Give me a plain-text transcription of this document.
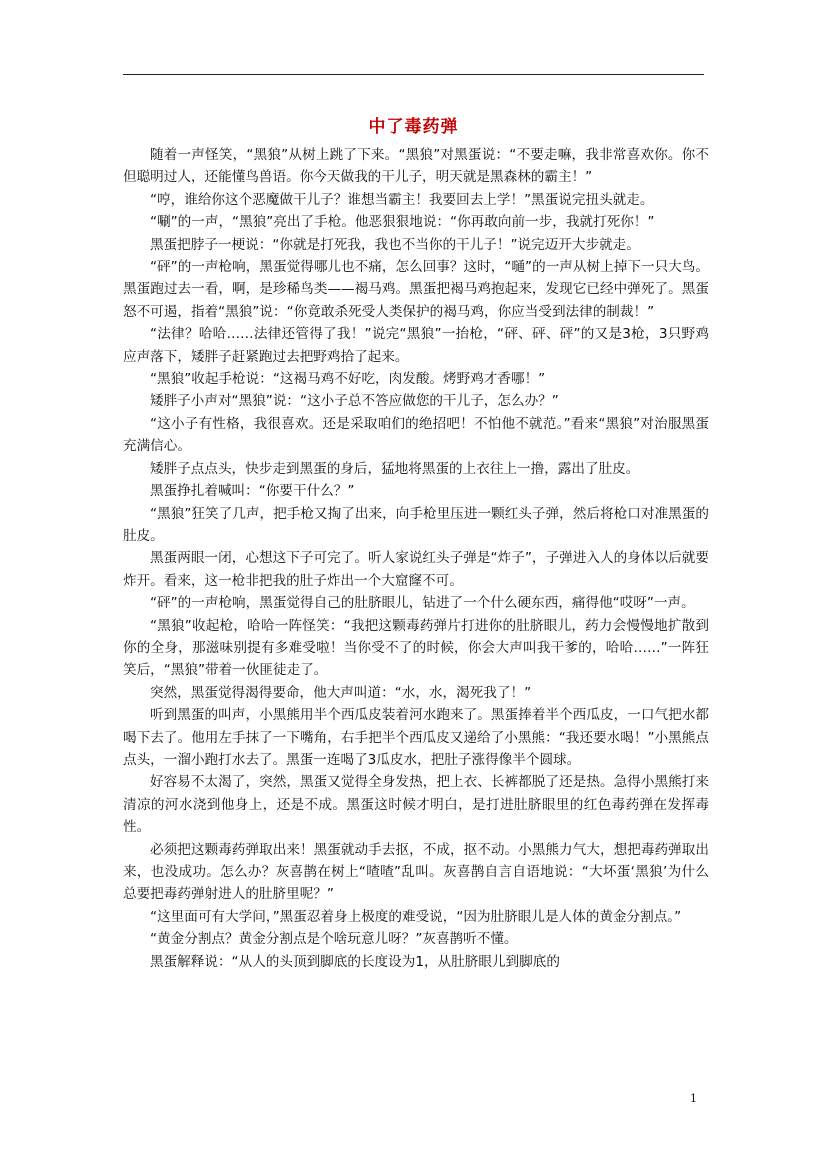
中了毒药弹

随着一声怪笑，“黑狼”从树上跳了下来。“黑狼”对黑蛋说：“不要走嘛，我非常喜欢你。你不但聪明过人，还能懂鸟兽语。你今天做我的干儿子，明天就是黑森林的霸主！”

“哼，谁给你这个恶魔做干儿子？谁想当霸主！我要回去上学！”黑蛋说完扭头就走。

“唰”的一声，“黑狼”亮出了手枪。他恶狠狠地说：“你再敢向前一步，我就打死你！”

黑蛋把脖子一梗说：“你就是打死我，我也不当你的干儿子！”说完迈开大步就走。

“砰”的一声枪响，黑蛋觉得哪儿也不痛，怎么回事？这时，“嗵”的一声从树上掉下一只大鸟。黑蛋跑过去一看，啊，是珍稀鸟类——褐马鸡。黑蛋把褐马鸡抱起来，发现它已经中弹死了。黑蛋怒不可遏，指着“黑狼”说：“你竟敢杀死受人类保护的褐马鸡，你应当受到法律的制裁！”

“法律？哈哈……法律还管得了我！”说完“黑狼”一抬枪，“砰、砰、砰”的又是3枪，3只野鸡应声落下，矮胖子赶紧跑过去把野鸡拾了起来。

“黑狼”收起手枪说：“这褐马鸡不好吃，肉发酸。烤野鸡才香哪！”

矮胖子小声对“黑狼”说：“这小子总不答应做您的干儿子，怎么办？”

“这小子有性格，我很喜欢。还是采取咱们的绝招吧！不怕他不就范。”看来“黑狼”对治服黑蛋充满信心。

矮胖子点点头，快步走到黑蛋的身后，猛地将黑蛋的上衣往上一撸，露出了肚皮。

黑蛋挣扎着喊叫：“你要干什么？”

“黑狼”狂笑了几声，把手枪又掏了出来，向手枪里压进一颗红头子弹，然后将枪口对准黑蛋的肚皮。

黑蛋两眼一闭，心想这下子可完了。听人家说红头子弹是“炸子”，子弹进入人的身体以后就要炸开。看来，这一枪非把我的肚子炸出一个大窟窿不可。

“砰”的一声枪响，黑蛋觉得自己的肚脐眼儿，钻进了一个什么硬东西，痛得他“哎呀”一声。

“黑狼”收起枪，哈哈一阵怪笑：“我把这颗毒药弹片打进你的肚脐眼儿，药力会慢慢地扩散到你的全身，那滋味别提有多难受啦！当你受不了的时候，你会大声叫我干爹的，哈哈……”一阵狂笑后，“黑狼”带着一伙匪徒走了。

突然，黑蛋觉得渴得要命，他大声叫道：“水，水，渴死我了！”

听到黑蛋的叫声，小黑熊用半个西瓜皮装着河水跑来了。黑蛋捧着半个西瓜皮，一口气把水都喝下去了。他用左手抹了一下嘴角，右手把半个西瓜皮又递给了小黑熊：“我还要水喝！”小黑熊点点头，一溜小跑打水去了。黑蛋一连喝了3瓜皮水，把肚子涨得像半个圆球。

好容易不太渴了，突然，黑蛋又觉得全身发热，把上衣、长裤都脱了还是热。急得小黑熊打来清凉的河水浇到他身上，还是不成。黑蛋这时候才明白，是打进肚脐眼里的红色毒药弹在发挥毒性。

必须把这颗毒药弹取出来！黑蛋就动手去抠，不成，抠不动。小黑熊力气大，想把毒药弹取出来，也没成功。怎么办？灰喜鹊在树上“喳喳”乱叫。灰喜鹊自言自语地说：“大坏蛋‘黑狼’为什么总要把毒药弹射进人的肚脐里呢？”

“这里面可有大学问，”黑蛋忍着身上极度的难受说，“因为肚脐眼儿是人体的黄金分割点。”

“黄金分割点？黄金分割点是个啥玩意儿呀？”灰喜鹊听不懂。

黑蛋解释说：“从人的头顶到脚底的长度设为1，从肚脐眼儿到脚底的

1
